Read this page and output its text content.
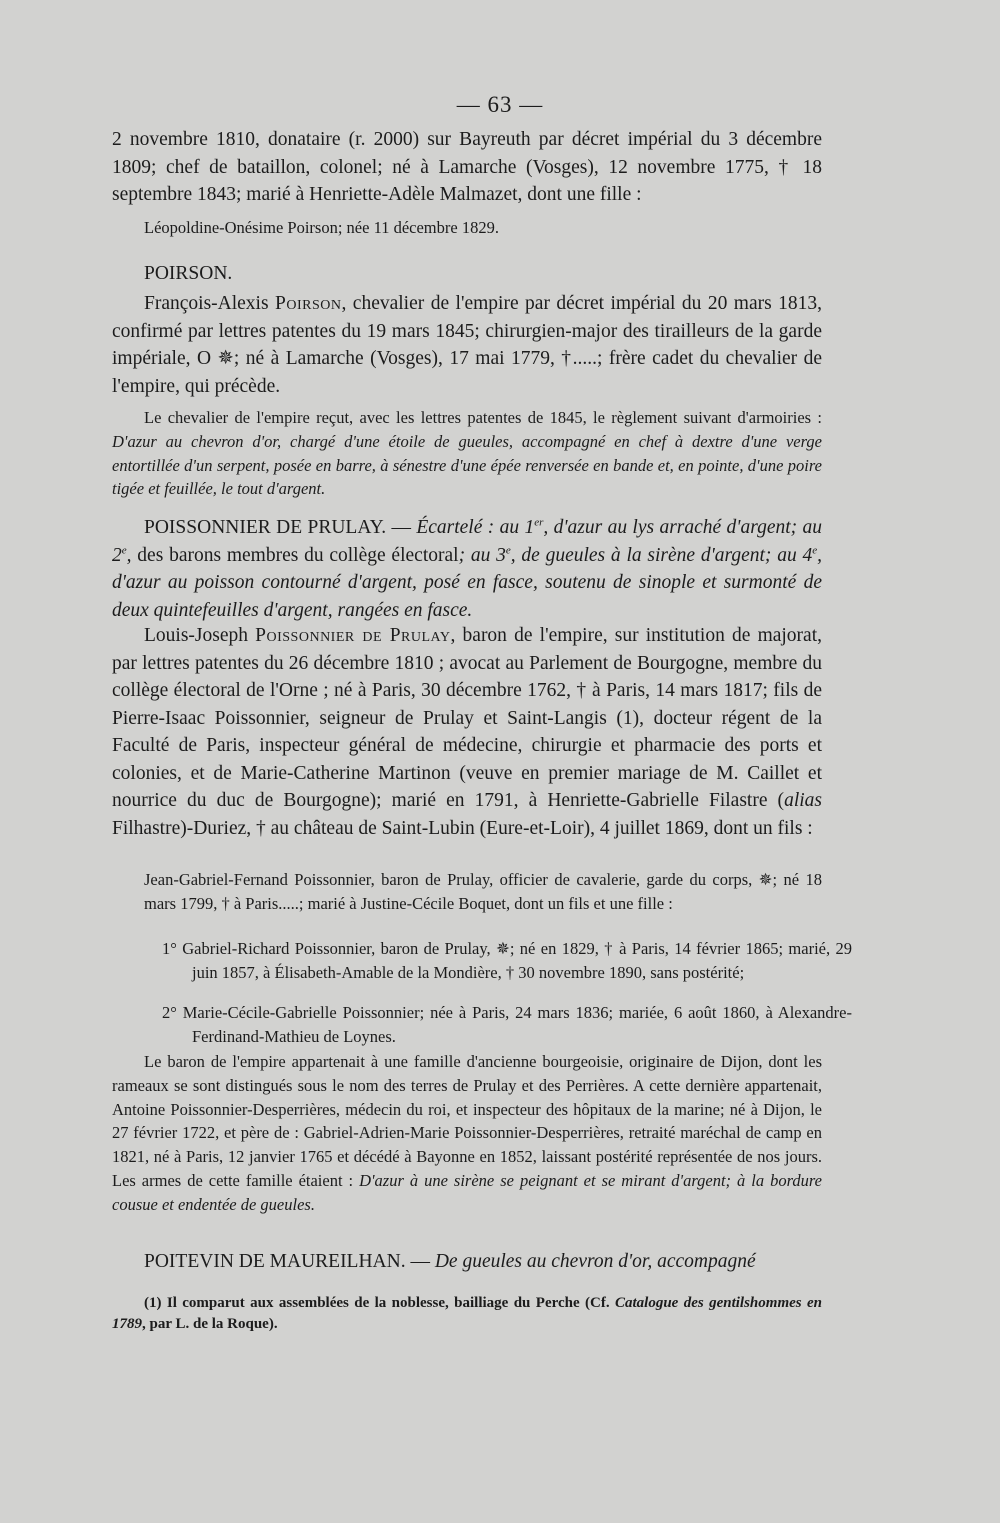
— 63 —

2 novembre 1810, donataire (r. 2000) sur Bayreuth par décret impérial du 3 décembre 1809; chef de bataillon, colonel; né à Lamarche (Vosges), 12 novembre 1775, † 18 septembre 1843; marié à Henriette-Adèle Malmazet, dont une fille :

Léopoldine-Onésime Poirson; née 11 décembre 1829.

POIRSON.

François-Alexis Poirson, chevalier de l'empire par décret impérial du 20 mars 1813, confirmé par lettres patentes du 19 mars 1845; chirurgien-major des tirailleurs de la garde impériale, O ✵; né à Lamarche (Vosges), 17 mai 1779, †.....; frère cadet du chevalier de l'empire, qui précède.

Le chevalier de l'empire reçut, avec les lettres patentes de 1845, le règlement suivant d'armoiries : D'azur au chevron d'or, chargé d'une étoile de gueules, accompagné en chef à dextre d'une verge entortillée d'un serpent, posée en barre, à sénestre d'une épée renversée en bande et, en pointe, d'une poire tigée et feuillée, le tout d'argent.

POISSONNIER DE PRULAY. — Écartelé : au 1er, d'azur au lys arraché d'argent; au 2e, des barons membres du collège électoral; au 3e, de gueules à la sirène d'argent; au 4e, d'azur au poisson contourné d'argent, posé en fasce, soutenu de sinople et surmonté de deux quintefeuilles d'argent, rangées en fasce.

Louis-Joseph Poissonnier de Prulay, baron de l'empire, sur institution de majorat, par lettres patentes du 26 décembre 1810 ; avocat au Parlement de Bourgogne, membre du collège électoral de l'Orne ; né à Paris, 30 décembre 1762, † à Paris, 14 mars 1817; fils de Pierre-Isaac Poissonnier, seigneur de Prulay et Saint-Langis (1), docteur régent de la Faculté de Paris, inspecteur général de médecine, chirurgie et pharmacie des ports et colonies, et de Marie-Catherine Martinon (veuve en premier mariage de M. Caillet et nourrice du duc de Bourgogne); marié en 1791, à Henriette-Gabrielle Filastre (alias Filhastre)-Duriez, † au château de Saint-Lubin (Eure-et-Loir), 4 juillet 1869, dont un fils :

Jean-Gabriel-Fernand Poissonnier, baron de Prulay, officier de cavalerie, garde du corps, ✵; né 18 mars 1799, † à Paris.....; marié à Justine-Cécile Boquet, dont un fils et une fille :

1° Gabriel-Richard Poissonnier, baron de Prulay, ✵; né en 1829, † à Paris, 14 février 1865; marié, 29 juin 1857, à Élisabeth-Amable de la Mondière, † 30 novembre 1890, sans postérité;

2° Marie-Cécile-Gabrielle Poissonnier; née à Paris, 24 mars 1836; mariée, 6 août 1860, à Alexandre-Ferdinand-Mathieu de Loynes.

Le baron de l'empire appartenait à une famille d'ancienne bourgeoisie, originaire de Dijon, dont les rameaux se sont distingués sous le nom des terres de Prulay et des Perrières. A cette dernière appartenait, Antoine Poissonnier-Desperrières, médecin du roi, et inspecteur des hôpitaux de la marine; né à Dijon, le 27 février 1722, et père de : Gabriel-Adrien-Marie Poissonnier-Desperrières, retraité maréchal de camp en 1821, né à Paris, 12 janvier 1765 et décédé à Bayonne en 1852, laissant postérité représentée de nos jours. Les armes de cette famille étaient : D'azur à une sirène se peignant et se mirant d'argent; à la bordure cousue et endentée de gueules.

POITEVIN DE MAUREILHAN. — De gueules au chevron d'or, accompagné

(1) Il comparut aux assemblées de la noblesse, bailliage du Perche (Cf. Catalogue des gentilshommes en 1789, par L. de la Roque).
